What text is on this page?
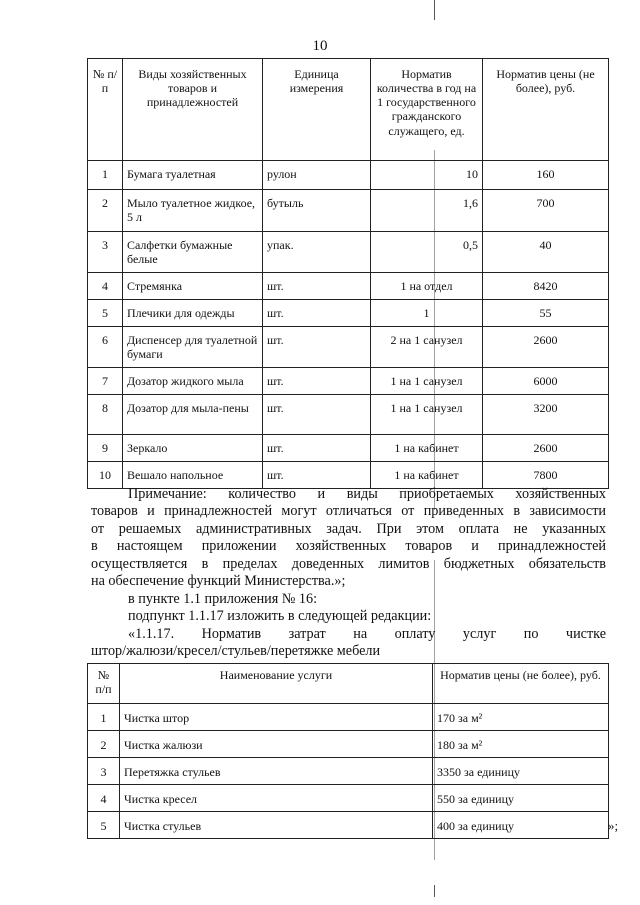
10
№ п/п	Виды хозяйственных товаров и принадлежностей	Единица измерения	Норматив количества в год на 1 государственного гражданского служащего, ед.	Норматив цены (не более), руб.
1	Бумага туалетная	рулон	10	160
2	Мыло туалетное жидкое, 5 л	бутыль	1,6	700
3	Салфетки бумажные белые	упак.	0,5	40
4	Стремянка	шт.	1 на отдел	8420
5	Плечики для одежды	шт.	1	55
6	Диспенсер для туалетной бумаги	шт.	2 на 1 санузел	2600
7	Дозатор жидкого мыла	шт.	1 на 1 санузел	6000
8	Дозатор для мыла-пены	шт.	1 на 1 санузел	3200
9	Зеркало	шт.	1 на кабинет	2600
10	Вешало напольное	шт.	1 на кабинет	7800
Примечание: количество и виды приобретаемых хозяйственных
товаров и принадлежностей могут отличаться от приведенных в зависимости
от решаемых административных задач. При этом оплата не указанных
в настоящем приложении хозяйственных товаров и принадлежностей
осуществляется в пределах доведенных лимитов бюджетных обязательств
на обеспечение функций Министерства.»;
в пункте 1.1 приложения № 16:
подпункт 1.1.17 изложить в следующей редакции:
«1.1.17. Норматив затрат на оплату услуг по чистке
штор/жалюзи/кресел/стульев/перетяжке мебели
№ п/п	Наименование услуги	Норматив цены (не более), руб.
1	Чистка штор	170 за м²
2	Чистка жалюзи	180 за м²
3	Перетяжка стульев	3350 за единицу
4	Чистка кресел	550 за единицу
5	Чистка стульев	400 за единицу	»;
